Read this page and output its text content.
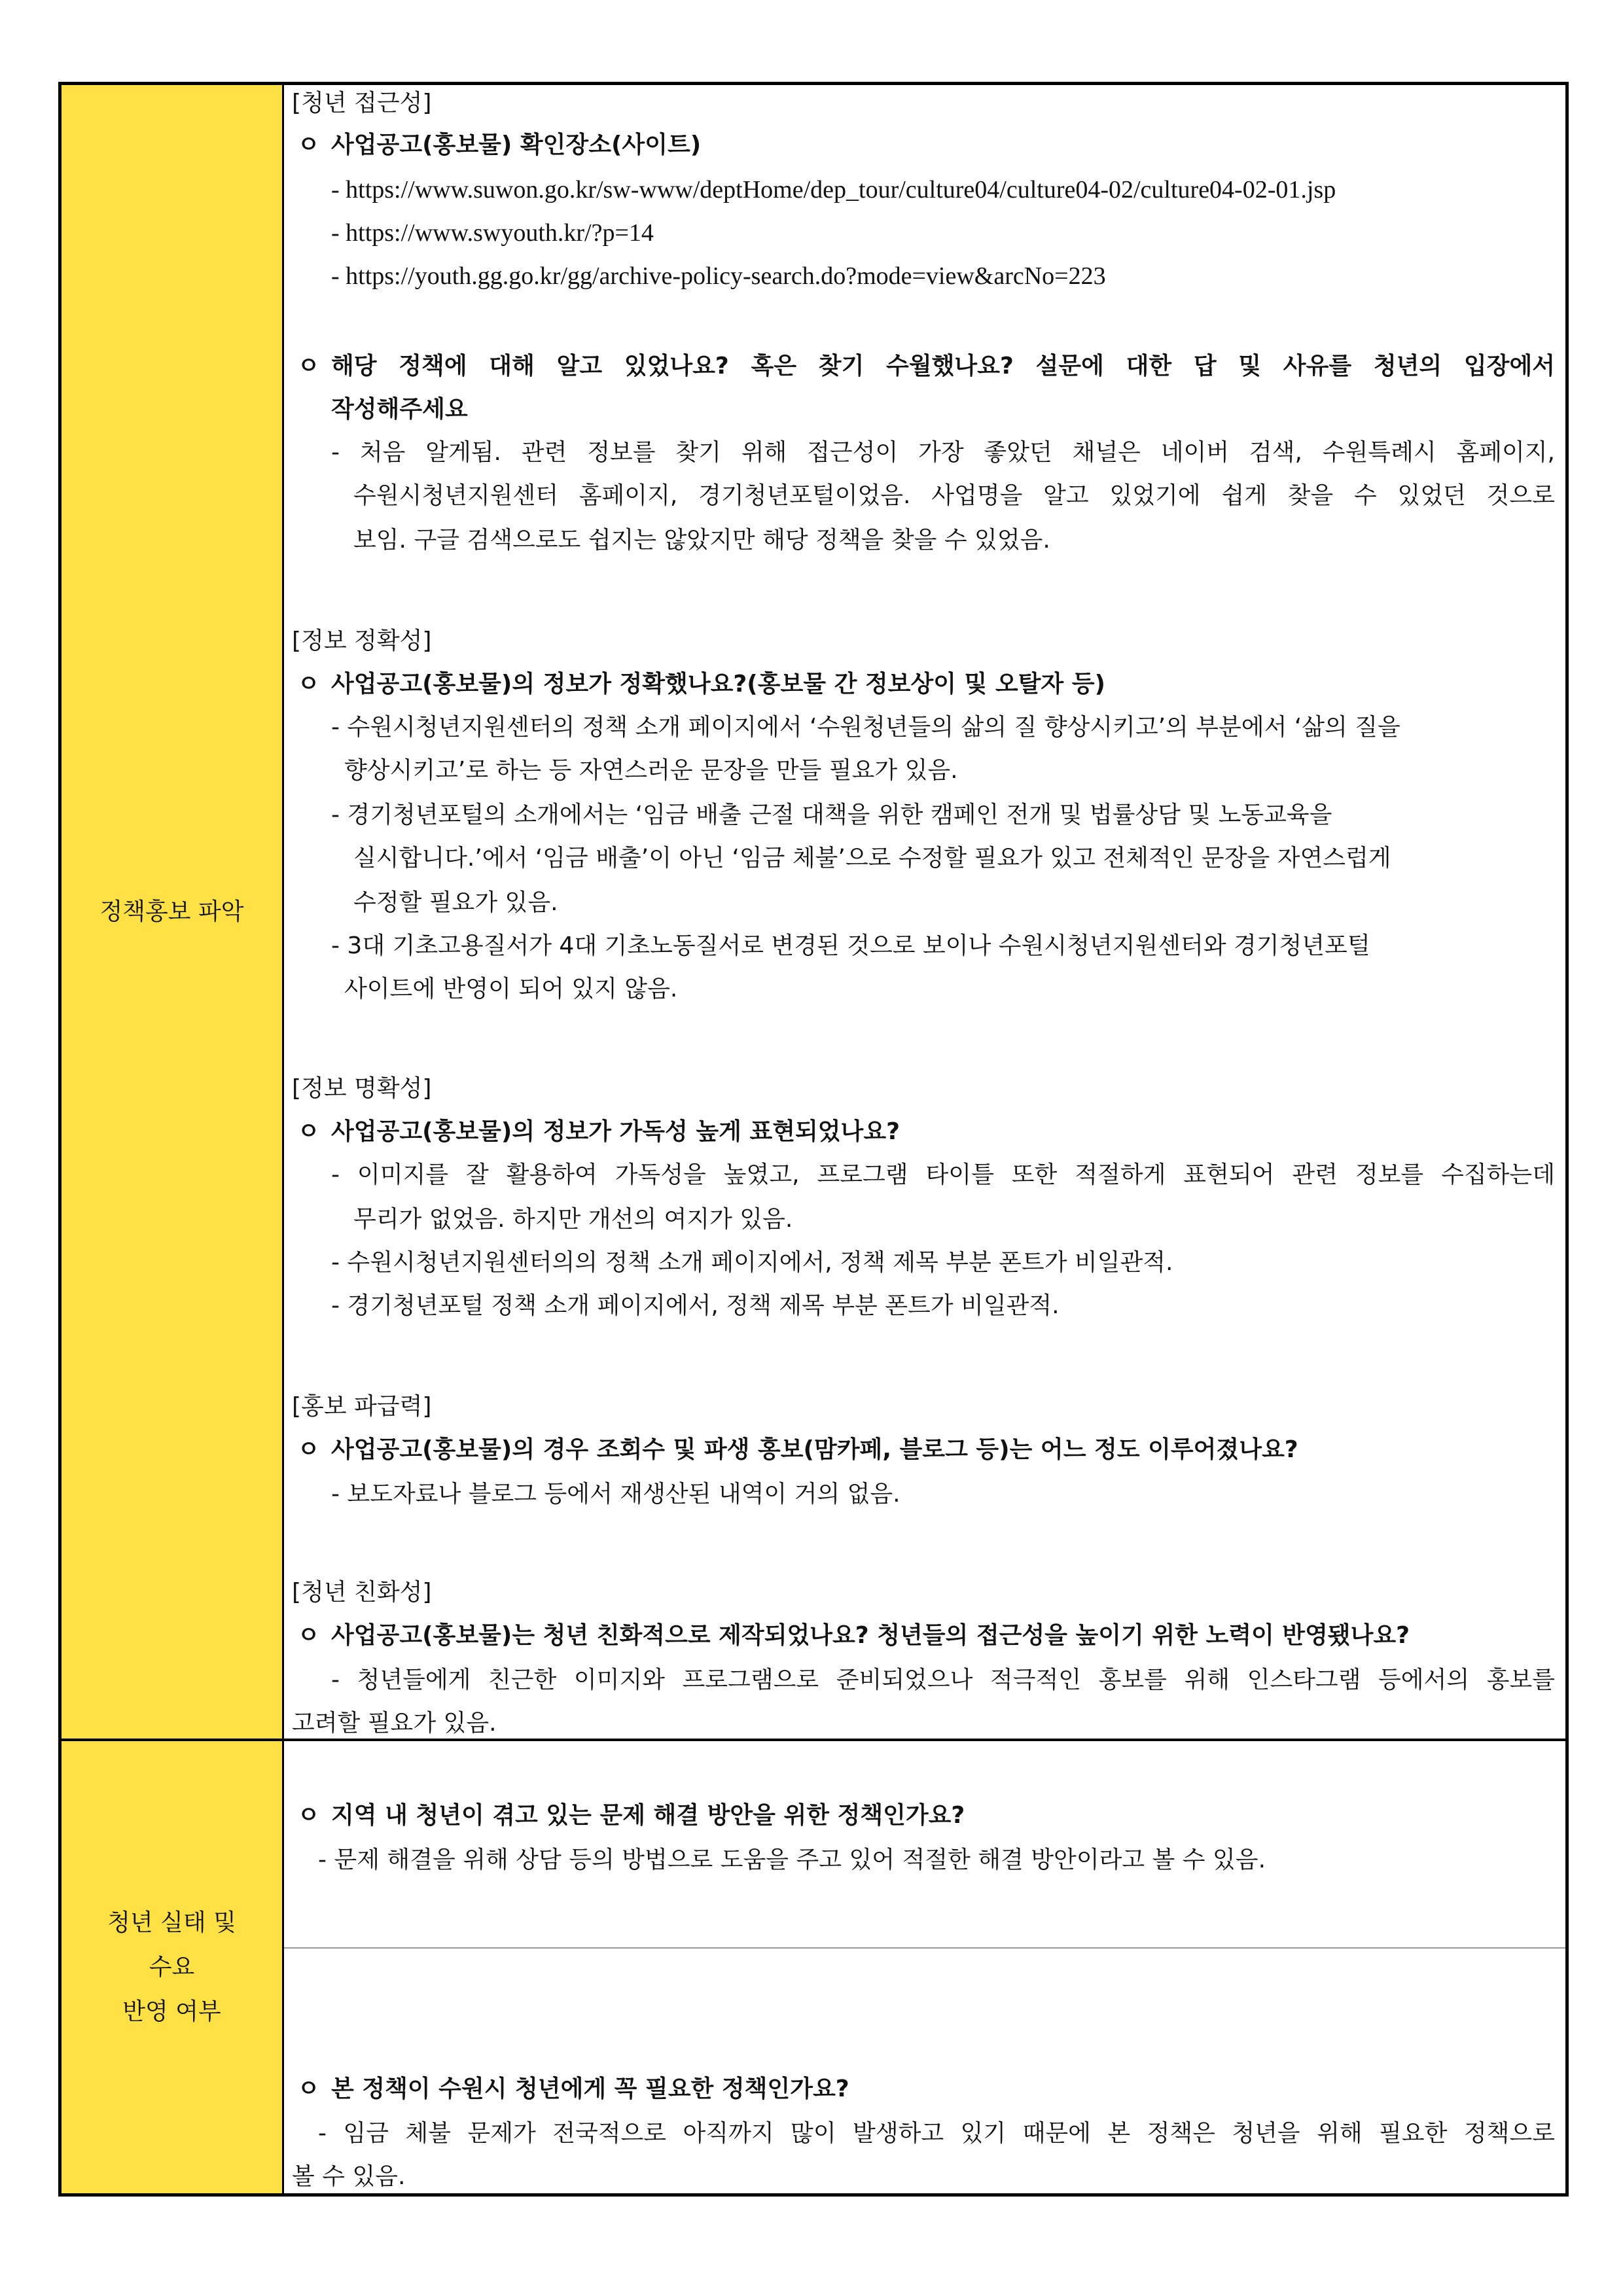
정책홍보 파악
[청년 접근성]
ㅇ 사업공고(홍보물) 확인장소(사이트)
- https://www.suwon.go.kr/sw-www/deptHome/dep_tour/culture04/culture04-02/culture04-02-01.jsp
- https://www.swyouth.kr/?p=14
- https://youth.gg.go.kr/gg/archive-policy-search.do?mode=view&arcNo=223
ㅇ 해당 정책에 대해 알고 있었나요? 혹은 찾기 수월했나요? 설문에 대한 답 및 사유를 청년의 입장에서
작성해주세요
- 처음 알게됨. 관련 정보를 찾기 위해 접근성이 가장 좋았던 채널은 네이버 검색, 수원특례시 홈페이지,
수원시청년지원센터 홈페이지, 경기청년포털이었음. 사업명을 알고 있었기에 쉽게 찾을 수 있었던 것으로
보임. 구글 검색으로도 쉽지는 않았지만 해당 정책을 찾을 수 있었음.
[정보 정확성]
ㅇ 사업공고(홍보물)의 정보가 정확했나요?(홍보물 간 정보상이 및 오탈자 등)
- 수원시청년지원센터의 정책 소개 페이지에서 ‘수원청년들의 삶의 질 향상시키고’의 부분에서 ‘삶의 질을
향상시키고’로 하는 등 자연스러운 문장을 만들 필요가 있음.
- 경기청년포털의 소개에서는 ‘임금 배출 근절 대책을 위한 캠페인 전개 및 법률상담 및 노동교육을
실시합니다.’에서 ‘임금 배출’이 아닌 ‘임금 체불’으로 수정할 필요가 있고 전체적인 문장을 자연스럽게
수정할 필요가 있음.
- 3대 기초고용질서가 4대 기초노동질서로 변경된 것으로 보이나 수원시청년지원센터와 경기청년포털
사이트에 반영이 되어 있지 않음.
[정보 명확성]
ㅇ 사업공고(홍보물)의 정보가 가독성 높게 표현되었나요?
- 이미지를 잘 활용하여 가독성을 높였고, 프로그램 타이틀 또한 적절하게 표현되어 관련 정보를 수집하는데
무리가 없었음. 하지만 개선의 여지가 있음.
- 수원시청년지원센터의의 정책 소개 페이지에서, 정책 제목 부분 폰트가 비일관적.
- 경기청년포털 정책 소개 페이지에서, 정책 제목 부분 폰트가 비일관적.
[홍보 파급력]
ㅇ 사업공고(홍보물)의 경우 조회수 및 파생 홍보(맘카페, 블로그 등)는 어느 정도 이루어졌나요?
- 보도자료나 블로그 등에서 재생산된 내역이 거의 없음.
[청년 친화성]
ㅇ 사업공고(홍보물)는 청년 친화적으로 제작되었나요? 청년들의 접근성을 높이기 위한 노력이 반영됐나요?
- 청년들에게 친근한 이미지와 프로그램으로 준비되었으나 적극적인 홍보를 위해 인스타그램 등에서의 홍보를
고려할 필요가 있음.
청년 실태 및
수요
반영 여부
ㅇ 지역 내 청년이 겪고 있는 문제 해결 방안을 위한 정책인가요?
- 문제 해결을 위해 상담 등의 방법으로 도움을 주고 있어 적절한 해결 방안이라고 볼 수 있음.
ㅇ 본 정책이 수원시 청년에게 꼭 필요한 정책인가요?
- 임금 체불 문제가 전국적으로 아직까지 많이 발생하고 있기 때문에 본 정책은 청년을 위해 필요한 정책으로
볼 수 있음.
